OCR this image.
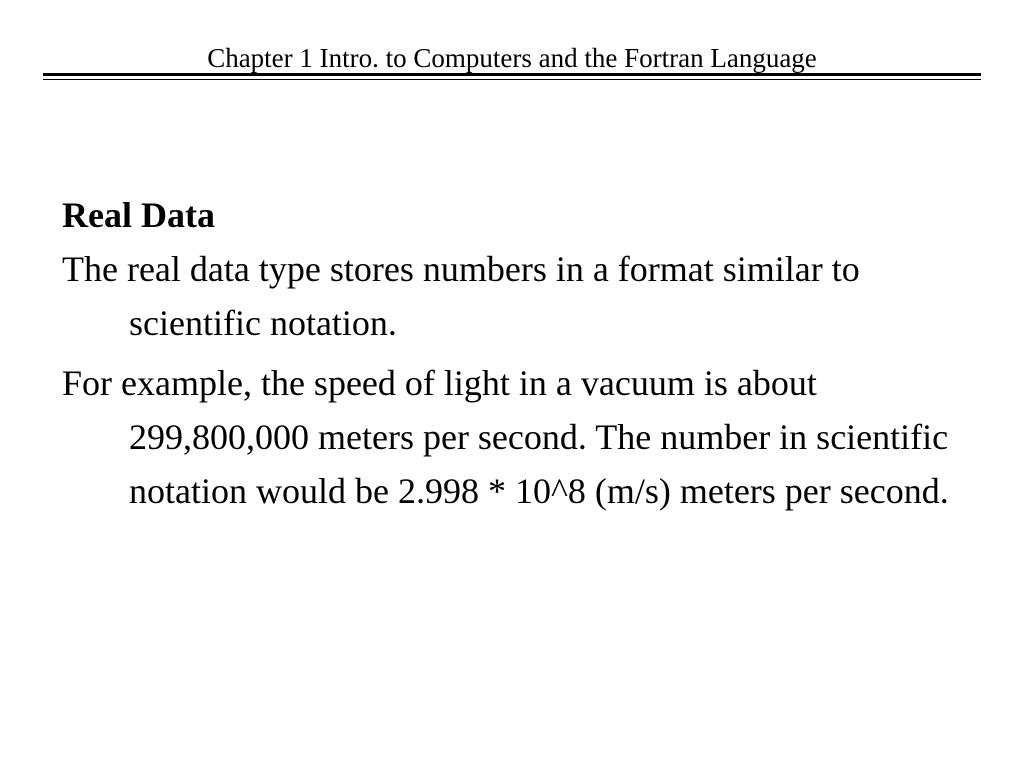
Chapter 1 Intro. to Computers and the Fortran Language
Real Data
The real data type stores numbers in a format similar to scientific notation.
For example, the speed of light in a vacuum is about 299,800,000 meters per second. The number in scientific notation would be 2.998 * 10^8 (m/s) meters per second.
